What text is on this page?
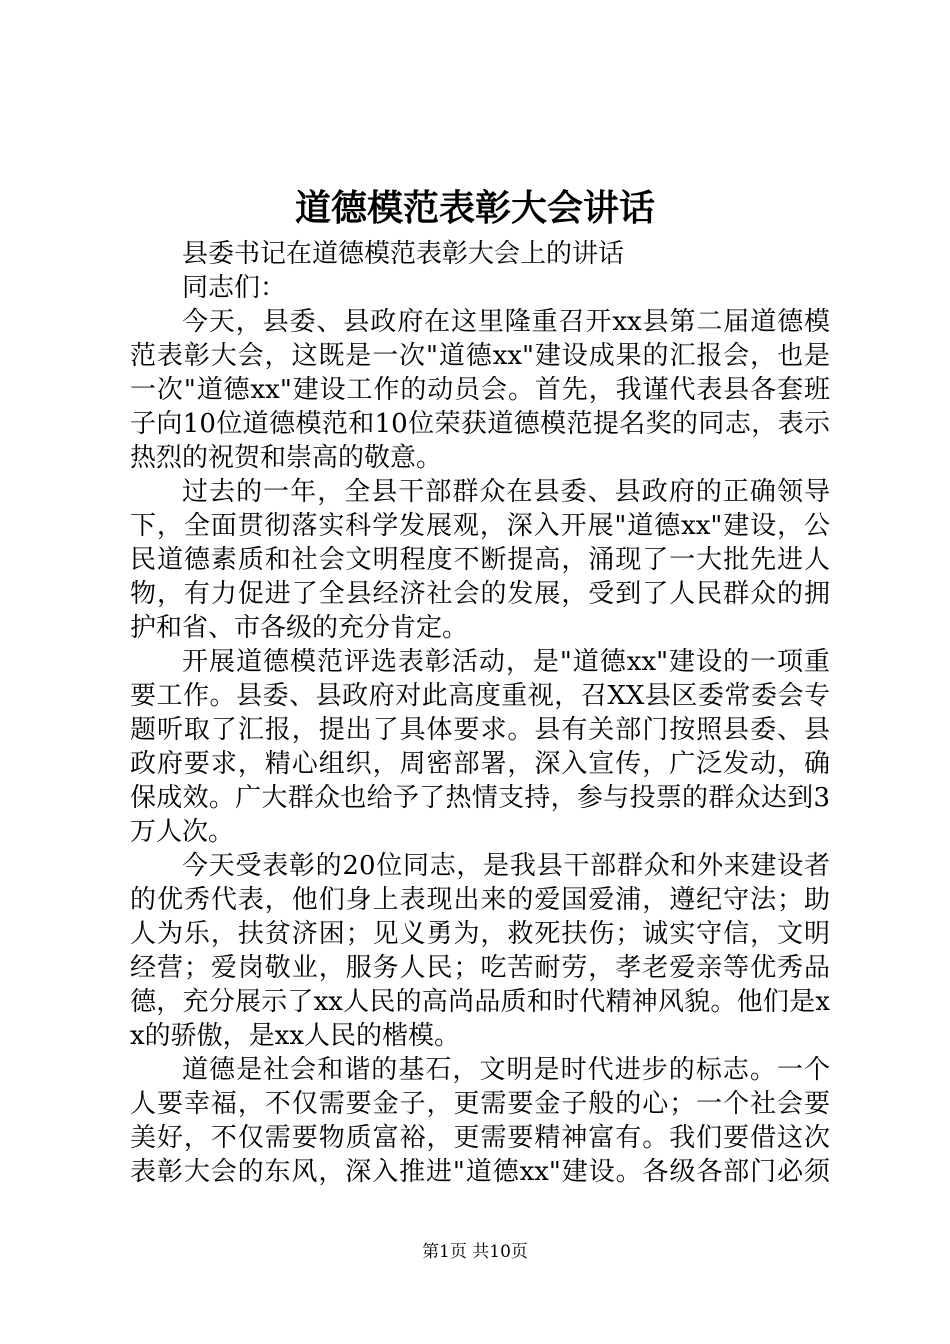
道德模范表彰大会讲话

县委书记在道德模范表彰大会上的讲话

同志们：

今天，县委、县政府在这里隆重召开xx县第二届道德模范表彰大会，这既是一次"道德xx"建设成果的汇报会，也是一次"道德xx"建设工作的动员会。首先，我谨代表县各套班子向10位道德模范和10位荣获道德模范提名奖的同志，表示热烈的祝贺和崇高的敬意。

过去的一年，全县干部群众在县委、县政府的正确领导下，全面贯彻落实科学发展观，深入开展"道德xx"建设，公民道德素质和社会文明程度不断提高，涌现了一大批先进人物，有力促进了全县经济社会的发展，受到了人民群众的拥护和省、市各级的充分肯定。

开展道德模范评选表彰活动，是"道德xx"建设的一项重要工作。县委、县政府对此高度重视，召XX县区委常委会专题听取了汇报，提出了具体要求。县有关部门按照县委、县政府要求，精心组织，周密部署，深入宣传，广泛发动，确保成效。广大群众也给予了热情支持，参与投票的群众达到3万人次。

今天受表彰的20位同志，是我县干部群众和外来建设者的优秀代表，他们身上表现出来的爱国爱浦，遵纪守法；助人为乐，扶贫济困；见义勇为，救死扶伤；诚实守信，文明经营；爱岗敬业，服务人民；吃苦耐劳，孝老爱亲等优秀品德，充分展示了xx人民的高尚品质和时代精神风貌。他们是xx的骄傲，是xx人民的楷模。

道德是社会和谐的基石，文明是时代进步的标志。一个人要幸福，不仅需要金子，更需要金子般的心；一个社会要美好，不仅需要物质富裕，更需要精神富有。我们要借这次表彰大会的东风，深入推进"道德xx"建设。各级各部门必须

第1页 共10页
